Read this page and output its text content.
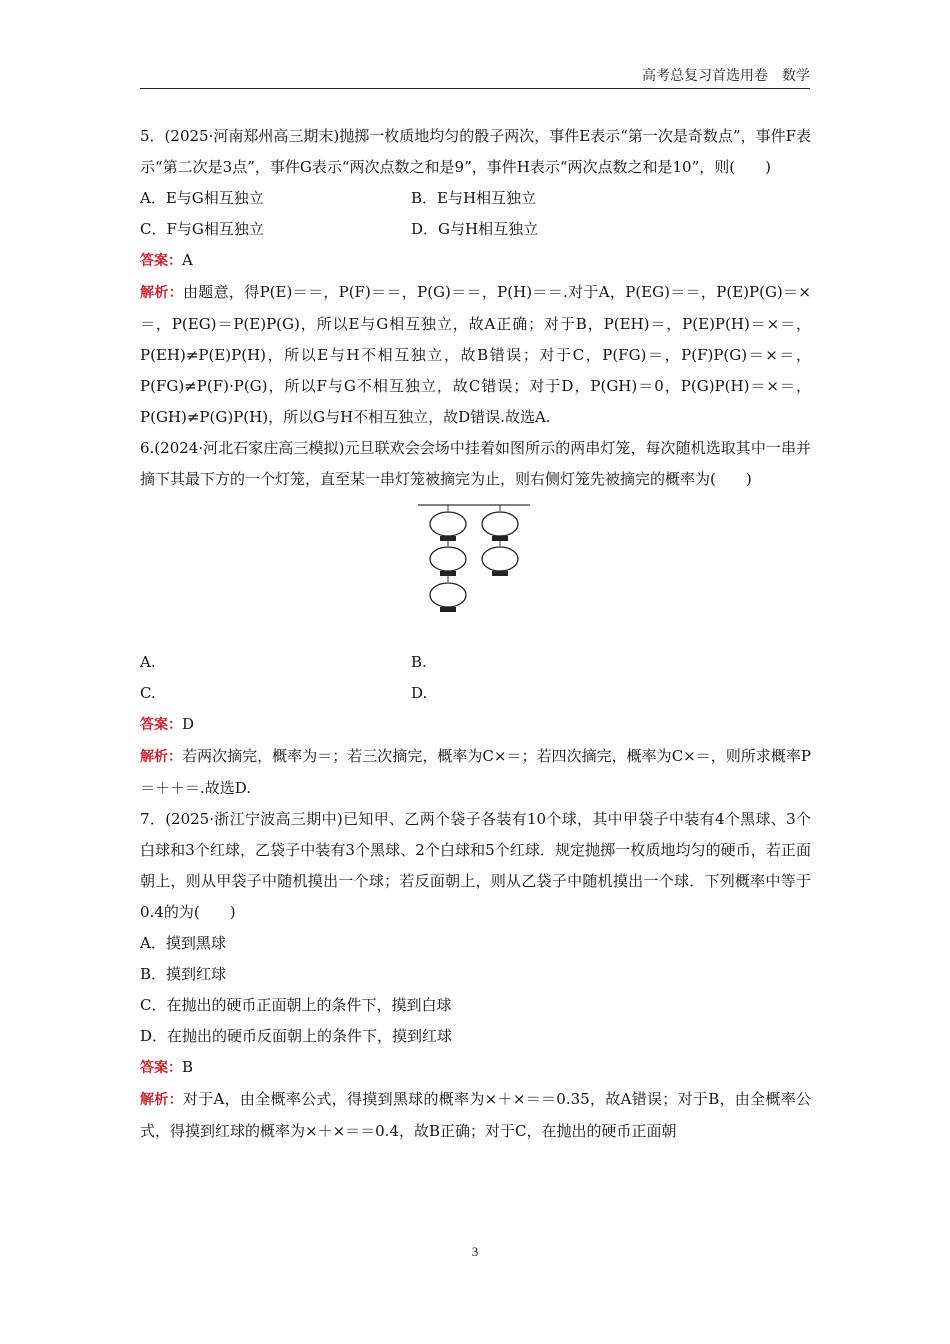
高考总复习首选用卷　数学

5．(2025·河南郑州高三期末)抛掷一枚质地均匀的骰子两次，事件E表示“第一次是奇数点”，事件F表示“第二次是3点”，事件G表示“两次点数之和是9”，事件H表示“两次点数之和是10”，则(　　)

A．E与G相互独立	B．E与H相互独立
C．F与G相互独立	D．G与H相互独立

答案：A

解析：由题意，得P(E)＝＝，P(F)＝＝，P(G)＝＝，P(H)＝＝.对于A，P(EG)＝＝，P(E)P(G)＝×＝，P(EG)＝P(E)P(G)，所以E与G相互独立，故A正确；对于B，P(EH)＝，P(E)P(H)＝×＝，P(EH)≠P(E)P(H)，所以E与H不相互独立，故B错误；对于C，P(FG)＝，P(F)P(G)＝×＝，P(FG)≠P(F)·P(G)，所以F与G不相互独立，故C错误；对于D，P(GH)＝0，P(G)P(H)＝×＝，P(GH)≠P(G)P(H)，所以G与H不相互独立，故D错误.故选A.

6.(2024·河北石家庄高三模拟)元旦联欢会会场中挂着如图所示的两串灯笼，每次随机选取其中一串并摘下其最下方的一个灯笼，直至某一串灯笼被摘完为止，则右侧灯笼先被摘完的概率为(　　)

A.	B.
C.	D.

答案：D

解析：若两次摘完，概率为＝；若三次摘完，概率为C×＝；若四次摘完，概率为C×＝，则所求概率P＝＋＋＝.故选D.

7．(2025·浙江宁波高三期中)已知甲、乙两个袋子各装有10个球，其中甲袋子中装有4个黑球、3个白球和3个红球，乙袋子中装有3个黑球、2个白球和5个红球．规定抛掷一枚质地均匀的硬币，若正面朝上，则从甲袋子中随机摸出一个球；若反面朝上，则从乙袋子中随机摸出一个球．下列概率中等于0.4的为(　　)

A．摸到黑球

B．摸到红球

C．在抛出的硬币正面朝上的条件下，摸到白球

D．在抛出的硬币反面朝上的条件下，摸到红球

答案：B

解析：对于A，由全概率公式，得摸到黑球的概率为×＋×＝＝0.35，故A错误；对于B，由全概率公式，得摸到红球的概率为×＋×＝＝0.4，故B正确；对于C，在抛出的硬币正面朝

3
